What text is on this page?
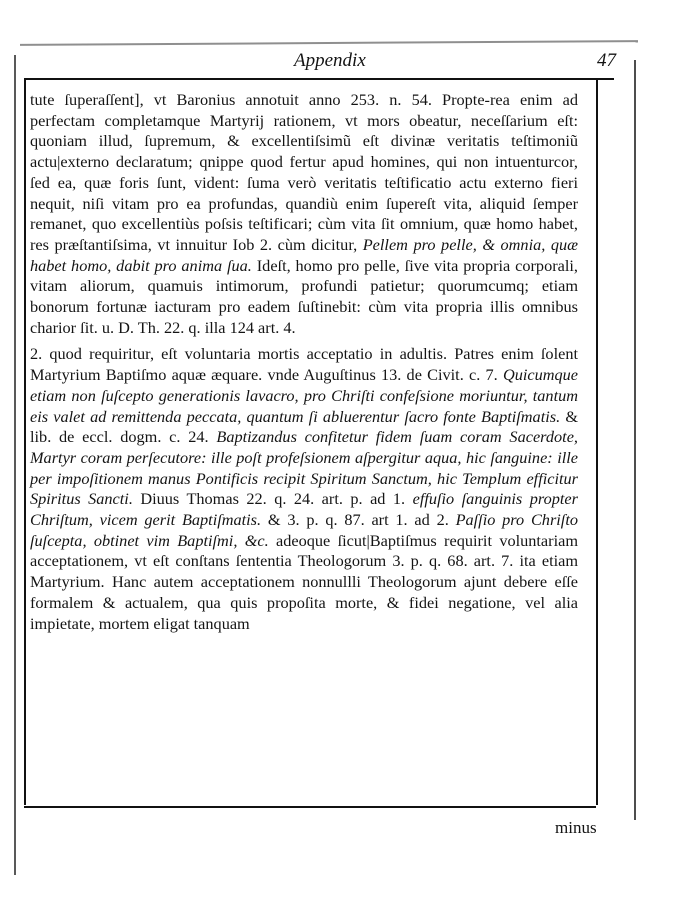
Appendix	47

tute ſuperaſſent], vt Baronius annotuit anno 253. n. 54. Propte-rea enim ad perfectam completamque Martyrij rationem, vt mors obeatur, neceſſarium eſt: quoniam illud, ſupremum, & excellentiſsimũ eſt divinæ veritatis teſtimoniũ actu|externo declaratum; qnippe quod fertur apud homines, qui non intuenturcor, ſed ea, quæ foris ſunt, vident: ſuma verò veritatis teſtificatio actu externo fieri nequit, niſi vitam pro ea profundas, quandiù enim ſupereſt vita, aliquid ſemper remanet, quo excellentiùs poſsis teſtificari; cùm vita ſit omnium, quæ homo habet, res præſtantiſsima, vt innuitur Iob 2. cùm dicitur, Pellem pro pelle, & omnia, quæ habet homo, dabit pro anima ſua. Ideſt, homo pro pelle, ſive vita propria corporali, vitam aliorum, quamuis intimorum, profundi patietur; quorumcumq; etiam bonorum fortunæ iacturam pro eadem ſuſtinebit: cùm vita propria illis omnibus charior ſit. u. D. Th. 22. q. illa 124 art. 4.

2. quod requiritur, eſt voluntaria mortis acceptatio in adultis. Patres enim ſolent Martyrium Baptiſmo aquæ æquare. vnde Auguſtinus 13. de Civit. c. 7. Quicumque etiam non ſuſcepto generationis lavacro, pro Chriſti confeſsione moriuntur, tantum eis valet ad remittenda peccata, quantum ſi abluerentur ſacro fonte Baptiſmatis. & lib. de eccl. dogm. c. 24. Baptizandus confitetur fidem ſuam coram Sacerdote, Martyr coram perſecutore: ille poſt profeſsionem aſpergitur aqua, hic ſanguine: ille per impoſitionem manus Pontificis recipit Spiritum Sanctum, hic Templum efficitur Spiritus Sancti. Diuus Thomas 22. q. 24. art. p. ad 1. effuſio ſanguinis propter Chriſtum, vicem gerit Baptiſmatis. & 3. p. q. 87. art 1. ad 2. Paſſio pro Chriſto ſuſcepta, obtinet vim Baptiſmi, &c. adeoque ſicut|Baptiſmus requirit voluntariam acceptationem, vt eſt conſtans ſententia Theologorum 3. p. q. 68. art. 7. ita etiam Martyrium. Hanc autem acceptationem nonnullli Theologorum ajunt debere eſſe formalem & actualem, qua quis propoſita morte, & fidei negatione, vel alia impietate, mortem eligat tanquam

minus
